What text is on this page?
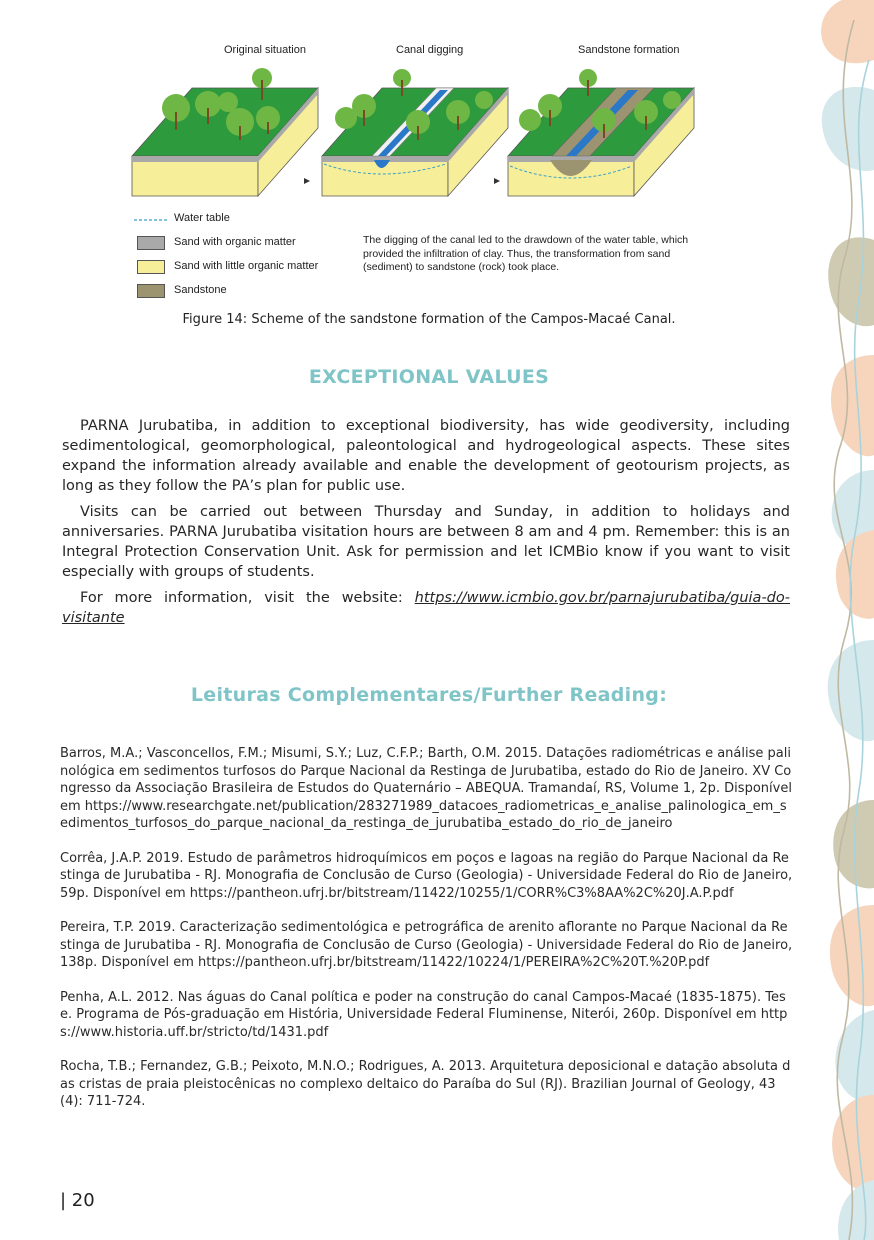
Original situation	Canal digging	Sandstone formation
Water table
Sand with organic matter
Sand with little organic matter
Sandstone
The digging of the canal led to the drawdown of the water table, which provided the infiltration of clay. Thus, the transformation from sand (sediment) to sandstone (rock) took place.
Figure 14: Scheme of the sandstone formation of the Campos-Macaé Canal.
EXCEPTIONAL VALUES

PARNA Jurubatiba, in addition to exceptional biodiversity, has wide geodiversity, including sedimentological, geomorphological, paleontological and hydrogeological aspects. These sites expand the information already available and enable the development of geotourism projects, as long as they follow the PA’s plan for public use.

Visits can be carried out between Thursday and Sunday, in addition to holidays and anniversaries. PARNA Jurubatiba visitation hours are between 8 am and 4 pm. Remember: this is an Integral Protection Conservation Unit. Ask for permission and let ICMBio know if you want to visit especially with groups of students.

For more information, visit the website: https://www.icmbio.gov.br/parnajurubatiba/guia-do-visitante

Leituras Complementares/Further Reading:

Barros, M.A.; Vasconcellos, F.M.; Misumi, S.Y.; Luz, C.F.P.; Barth, O.M. 2015. Datações radiométricas e análise palinológica em sedimentos turfosos do Parque Nacional da Restinga de Jurubatiba, estado do Rio de Janeiro. XV Congresso da Associação Brasileira de Estudos do Quaternário – ABEQUA. Tramandaí, RS, Volume 1, 2p. Disponível em https://www.researchgate.net/publication/283271989_datacoes_radiometricas_e_analise_palinologica_em_sedimentos_turfosos_do_parque_nacional_da_restinga_de_jurubatiba_estado_do_rio_de_janeiro

Corrêa, J.A.P. 2019. Estudo de parâmetros hidroquímicos em poços e lagoas na região do Parque Nacional da Restinga de Jurubatiba - RJ. Monografia de Conclusão de Curso (Geologia) - Universidade Federal do Rio de Janeiro, 59p. Disponível em https://pantheon.ufrj.br/bitstream/11422/10255/1/CORR%C3%8AA%2C%20J.A.P.pdf

Pereira, T.P. 2019. Caracterização sedimentológica e petrográfica de arenito aflorante no Parque Nacional da Restinga de Jurubatiba - RJ. Monografia de Conclusão de Curso (Geologia) - Universidade Federal do Rio de Janeiro, 138p. Disponível em https://pantheon.ufrj.br/bitstream/11422/10224/1/PEREIRA%2C%20T.%20P.pdf

Penha, A.L. 2012. Nas águas do Canal política e poder na construção do canal Campos-Macaé (1835-1875). Tese. Programa de Pós-graduação em História, Universidade Federal Fluminense, Niterói, 260p. Disponível em https://www.historia.uff.br/stricto/td/1431.pdf

Rocha, T.B.; Fernandez, G.B.; Peixoto, M.N.O.; Rodrigues, A. 2013. Arquitetura deposicional e datação absoluta das cristas de praia pleistocênicas no complexo deltaico do Paraíba do Sul (RJ). Brazilian Journal of Geology, 43(4): 711-724.

| 20
